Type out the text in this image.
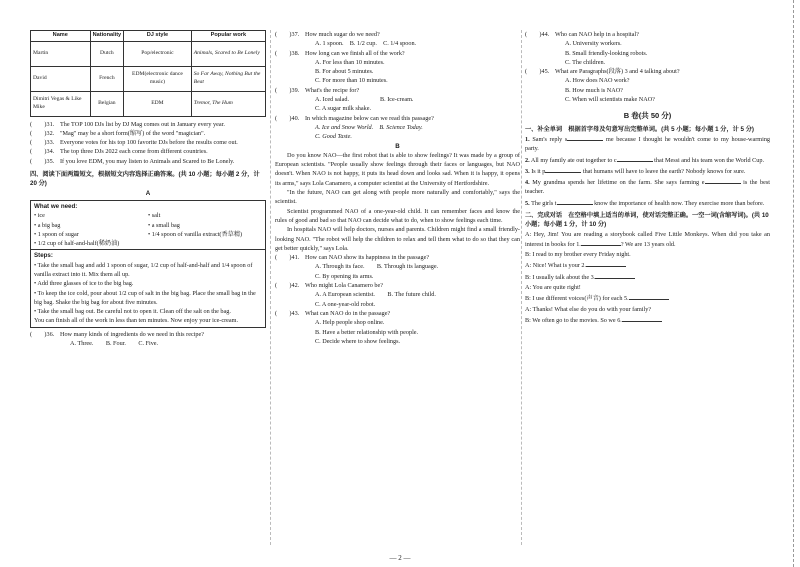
Name	Nationality	DJ style	Popular work
Martin	Dutch	Pop/electronic	Animals, Scared to Be Lonely
David	French	EDM(electronic dance music)	So Far Away, Nothing But the Beat
Dimitri Vegas & Like Mike	Belgian	EDM	Tremor, The Hum

(　　)31. The TOP 100 DJs list by DJ Mag comes out in January every year.

(　　)32. "Mag" may be a short form(缩写) of the word "magician".

(　　)33. Everyone votes for his top 100 favorite DJs before the results come out.

(　　)34. The top three DJs 2022 each come from different countries.

(　　)35. If you love EDM, you may listen to Animals and Scared to Be Lonely.

四、阅读下面两篇短文，根据短文内容选择正确答案。(共 10 小题；每小题 2 分，计 20 分)

A

What we need:
• ice	• salt
• a big bag	• a small bag
• 1 spoon of sugar	• 1/4 spoon of vanilla extract(香草精)
• 1/2 cup of half-and-half(稀奶油)
Steps:
• Take the small bag and add 1 spoon of sugar, 1/2 cup of half-and-half and 1/4 spoon of vanilla extract into it. Mix them all up.
• Add three glasses of ice to the big bag.
• To keep the ice cold, pour about 1/2 cup of salt in the big bag. Place the small bag in the big bag. Shake the big bag for about five minutes.
• Take the small bag out. Be careful not to open it. Clean off the salt on the bag.
You can finish all of the work in less than ten minutes. Now enjoy your ice-cream.

(　　)36. How many kinds of ingredients do we need in this recipe?

A. Three.　　 B. Four.　　 C. Five.

(　　)37. How much sugar do we need?

A. 1 spoon.　 B. 1/2 cup.　 C. 1/4 spoon.

(　　)38. How long can we finish all of the work?

A. For less than 10 minutes.

B. For about 5 minutes.

C. For more than 10 minutes.

(　　)39. What's the recipe for?

A. Iced salad.　　　　　	B. Ice-cream.

C. A sugar milk shake.

(　　)40. In which magazine below can we read this passage?

A. Ice and Snow World.　 B. Science Today.

C. Good Taste.

B

Do you know NAO—the first robot that is able to show feelings? It was made by a group of European scientists. "People usually show feelings through their faces or languages, but NAO doesn't. When NAO is not happy, it puts its head down and looks sad. When it is happy, it opens its arms," says Lola Canamero, a computer scientist at the University of Hertfordshire.

"In the future, NAO can get along with people more naturally and comfortably," says the scientist.

Scientist programmed NAO of a one-year-old child. It can remember faces and know the rules of good and bad so that NAO can decide what to do, when to show feelings each time.

In hospitals NAO will help doctors, nurses and parents. Children might find a small friendly-looking NAO. "The robot will help the children to relax and tell them what to do so that they can get better quickly," says Lola.

(　　)41. How can NAO show its happiness in the passage?

A. Through its face.　　 B. Through its language.

C. By opening its arms.

(　　)42. Who might Lola Canamero be?

A. A European scientist.　　 B. The future child.

C. A one-year-old robot.

(　　)43. What can NAO do in the passage?

A. Help people shop online.

B. Have a better relationship with people.

C. Decide where to show feelings.

(　　)44. Who can NAO help in a hospital?

A. University workers.

B. Small friendly-looking robots.

C. The children.

(　　)45. What are Paragraphs(段落) 3 and 4 talking about?

A. How does NAO work?

B. How much is NAO?

C. When will scientists make NAO?

B 卷(共 50 分)

一、补全单词　根据首字母及句意写出完整单词。(共 5 小题；每小题 1 分，计 5 分)

1. Sam's reply s	me because I thought he wouldn't come to my house-warming party.

2. All my family ate out together to c	that Messi and his team won the World Cup.

3. Is it p	that humans will have to leave the earth? Nobody knows for sure.

4. My grandma spends her lifetime on the farm. She says farming e	is the best teacher.

5. The girls t	know the importance of health now. They exercise more than before.

二、完成对话　在空格中填上适当的单词，使对话完整正确。一空一词(含缩写词)。(共 10 小题；每小题 1 分，计 10 分)

A: Hey, Jim! You are reading a storybook called Five Little Monkeys. When did you take an interest in books for 1.	? We are 13 years old.

B: I read to my brother every Friday night.

A: Nice! What is your 2.

B: I usually talk about the 3.

A: You are quite right!

B: I use different voices(声音) for each 5.

A: Thanks! What else do you do with your family?

B: We often go to the movies. So we 6.

— 2 —
